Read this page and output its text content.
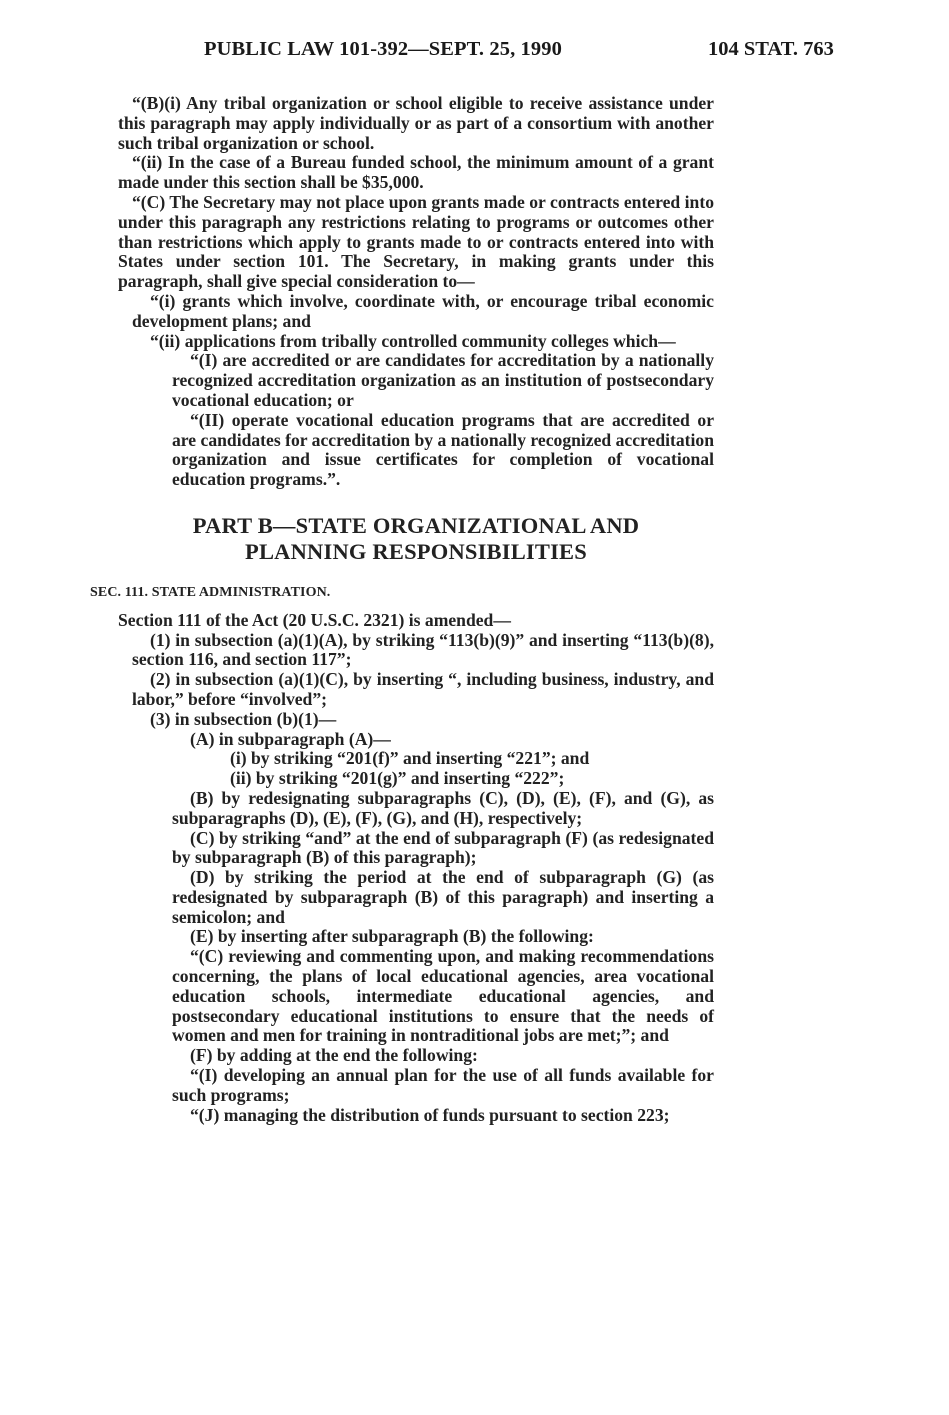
PUBLIC LAW 101-392—SEPT. 25, 1990	104 STAT. 763

“(B)(i) Any tribal organization or school eligible to receive assistance under this paragraph may apply individually or as part of a consortium with another such tribal organization or school.

“(ii) In the case of a Bureau funded school, the minimum amount of a grant made under this section shall be $35,000.

“(C) The Secretary may not place upon grants made or contracts entered into under this paragraph any restrictions relating to programs or outcomes other than restrictions which apply to grants made to or contracts entered into with States under section 101. The Secretary, in making grants under this paragraph, shall give special consideration to—

“(i) grants which involve, coordinate with, or encourage tribal economic development plans; and

“(ii) applications from tribally controlled community colleges which—

“(I) are accredited or are candidates for accreditation by a nationally recognized accreditation organization as an institution of postsecondary vocational education; or

“(II) operate vocational education programs that are accredited or are candidates for accreditation by a nationally recognized accreditation organization and issue certificates for completion of vocational education programs.”.

PART B—STATE ORGANIZATIONAL AND
PLANNING RESPONSIBILITIES
SEC. 111. STATE ADMINISTRATION.

Section 111 of the Act (20 U.S.C. 2321) is amended—

(1) in subsection (a)(1)(A), by striking “113(b)(9)” and inserting “113(b)(8), section 116, and section 117”;

(2) in subsection (a)(1)(C), by inserting “, including business, industry, and labor,” before “involved”;

(3) in subsection (b)(1)—

(A) in subparagraph (A)—

(i) by striking “201(f)” and inserting “221”; and

(ii) by striking “201(g)” and inserting “222”;

(B) by redesignating subparagraphs (C), (D), (E), (F), and (G), as subparagraphs (D), (E), (F), (G), and (H), respectively;

(C) by striking “and” at the end of subparagraph (F) (as redesignated by subparagraph (B) of this paragraph);

(D) by striking the period at the end of subparagraph (G) (as redesignated by subparagraph (B) of this paragraph) and inserting a semicolon; and

(E) by inserting after subparagraph (B) the following:

“(C) reviewing and commenting upon, and making recommendations concerning, the plans of local educational agencies, area vocational education schools, intermediate educational agencies, and postsecondary educational institutions to ensure that the needs of women and men for training in nontraditional jobs are met;”; and

(F) by adding at the end the following:

“(I) developing an annual plan for the use of all funds available for such programs;

“(J) managing the distribution of funds pursuant to section 223;
